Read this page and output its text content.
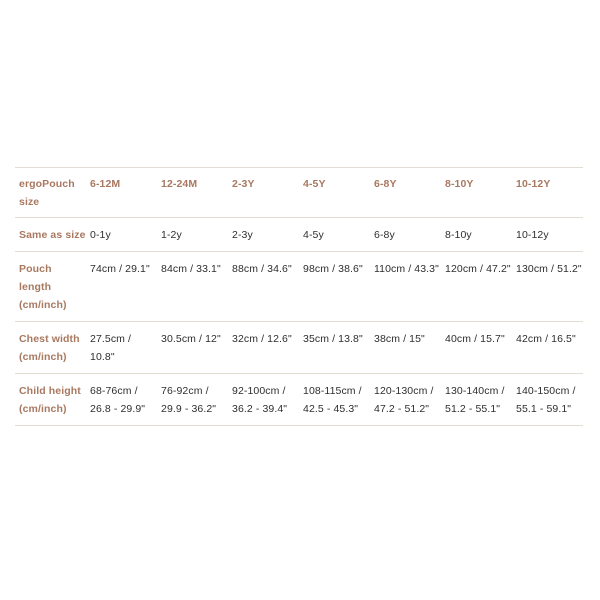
ergoPouch size	6-12M	12-24M	2-3Y	4-5Y	6-8Y	8-10Y	10-12Y
Same as size	0-1y	1-2y	2-3y	4-5y	6-8y	8-10y	10-12y
Pouch length (cm/inch)	74cm / 29.1"	84cm / 33.1"	88cm / 34.6"	98cm / 38.6"	110cm / 43.3"	120cm / 47.2"	130cm / 51.2"
Chest width (cm/inch)	27.5cm / 10.8"	30.5cm / 12"	32cm / 12.6"	35cm / 13.8"	38cm / 15"	40cm / 15.7"	42cm / 16.5"
Child height (cm/inch)	68-76cm / 26.8 - 29.9"	76-92cm / 29.9 - 36.2"	92-100cm / 36.2 - 39.4"	108-115cm / 42.5 - 45.3"	120-130cm / 47.2 - 51.2"	130-140cm / 51.2 - 55.1"	140-150cm / 55.1 - 59.1"
